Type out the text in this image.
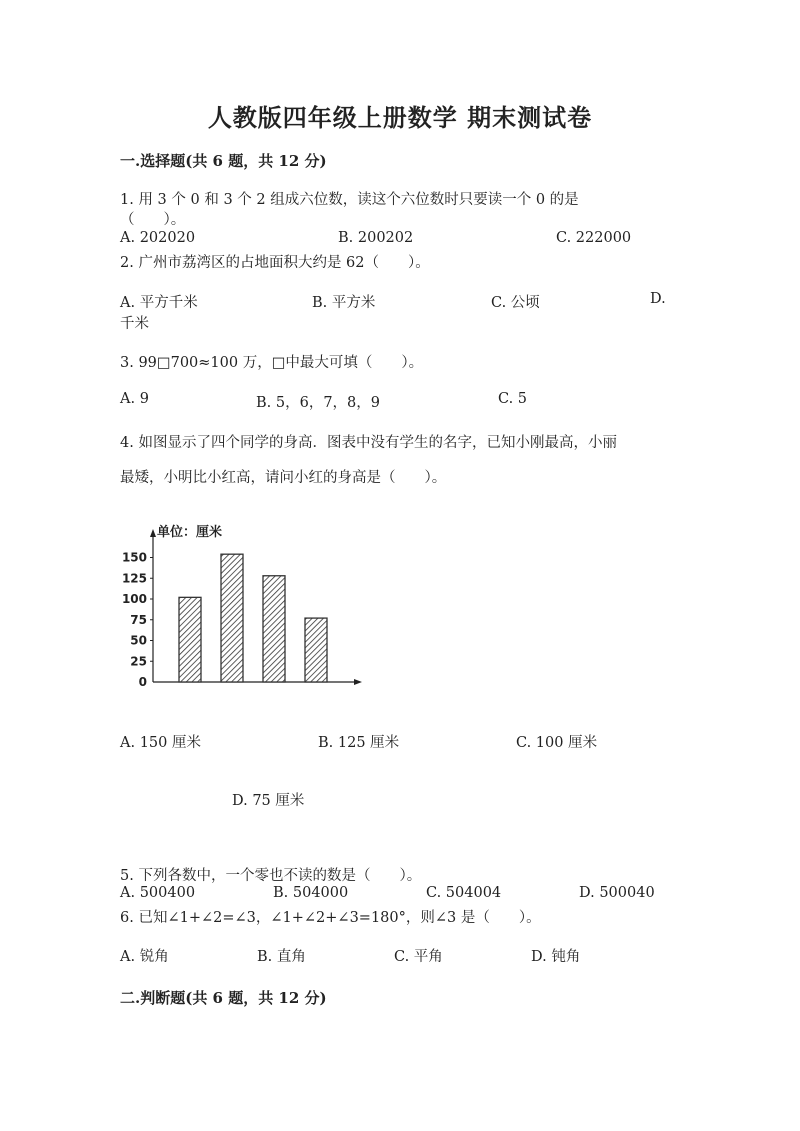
人教版四年级上册数学 期末测试卷
一.选择题(共 6 题，共 12 分)
1. 用 3 个 0 和 3 个 2 组成六位数，读这个六位数时只要读一个 0 的是
（　　）。
A. 202020	B. 200202	C. 222000
2. 广州市荔湾区的占地面积大约是 62（　　）。
A. 平方千米	B. 平方米	C. 公顷	D.
千米
3. 99□700≈100 万，□中最大可填（　　）。
A. 9	B. 5，6，7，8，9	C. 5
4. 如图显示了四个同学的身高．图表中没有学生的名字，已知小刚最高，小丽
最矮，小明比小红高，请问小红的身高是（　　）。
单位：厘米
0
25
50
75
100
125
150
A. 150 厘米	B. 125 厘米	C. 100 厘米
D. 75 厘米
5. 下列各数中，一个零也不读的数是（　　）。
A. 500400	B. 504000	C. 504004	D. 500040
6. 已知∠1+∠2=∠3，∠1+∠2+∠3=180°，则∠3 是（　　）。
A. 锐角	B. 直角	C. 平角	D. 钝角
二.判断题(共 6 题，共 12 分)
